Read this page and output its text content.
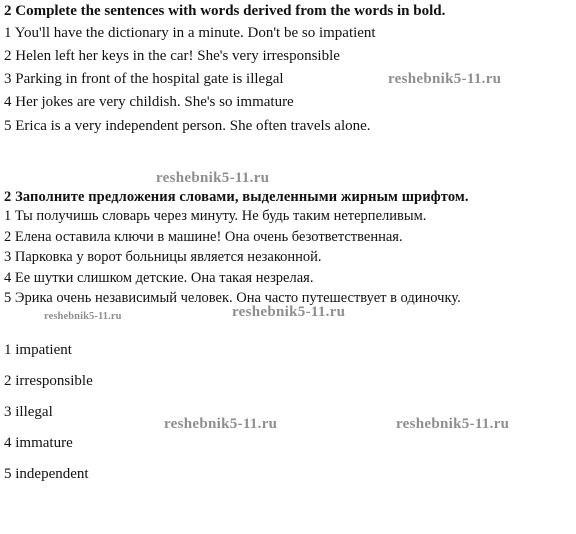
2 Complete the sentences with words derived from the words in bold.
1 You'll have the dictionary in a minute. Don't be so impatient
2 Helen left her keys in the car! She's very irresponsible
3 Parking in front of the hospital gate is illegal
4 Her jokes are very childish. She's so immature
5 Erica is a very independent person. She often travels alone.
2 Заполните предложения словами, выделенными жирным шрифтом.
1 Ты получишь словарь через минуту. Не будь таким нетерпеливым.
2 Елена оставила ключи в машине! Она очень безответственная.
3 Парковка у ворот больницы является незаконной.
4 Ее шутки слишком детские. Она такая незрелая.
5 Эрика очень независимый человек. Она часто путешествует в одиночку.
1 impatient
2 irresponsible
3 illegal
4 immature
5 independent
reshebnik5-11.ru
reshebnik5-11.ru
reshebnik5-11.ru	reshebnik5-11.ru
reshebnik5-11.ru	reshebnik5-11.ru
